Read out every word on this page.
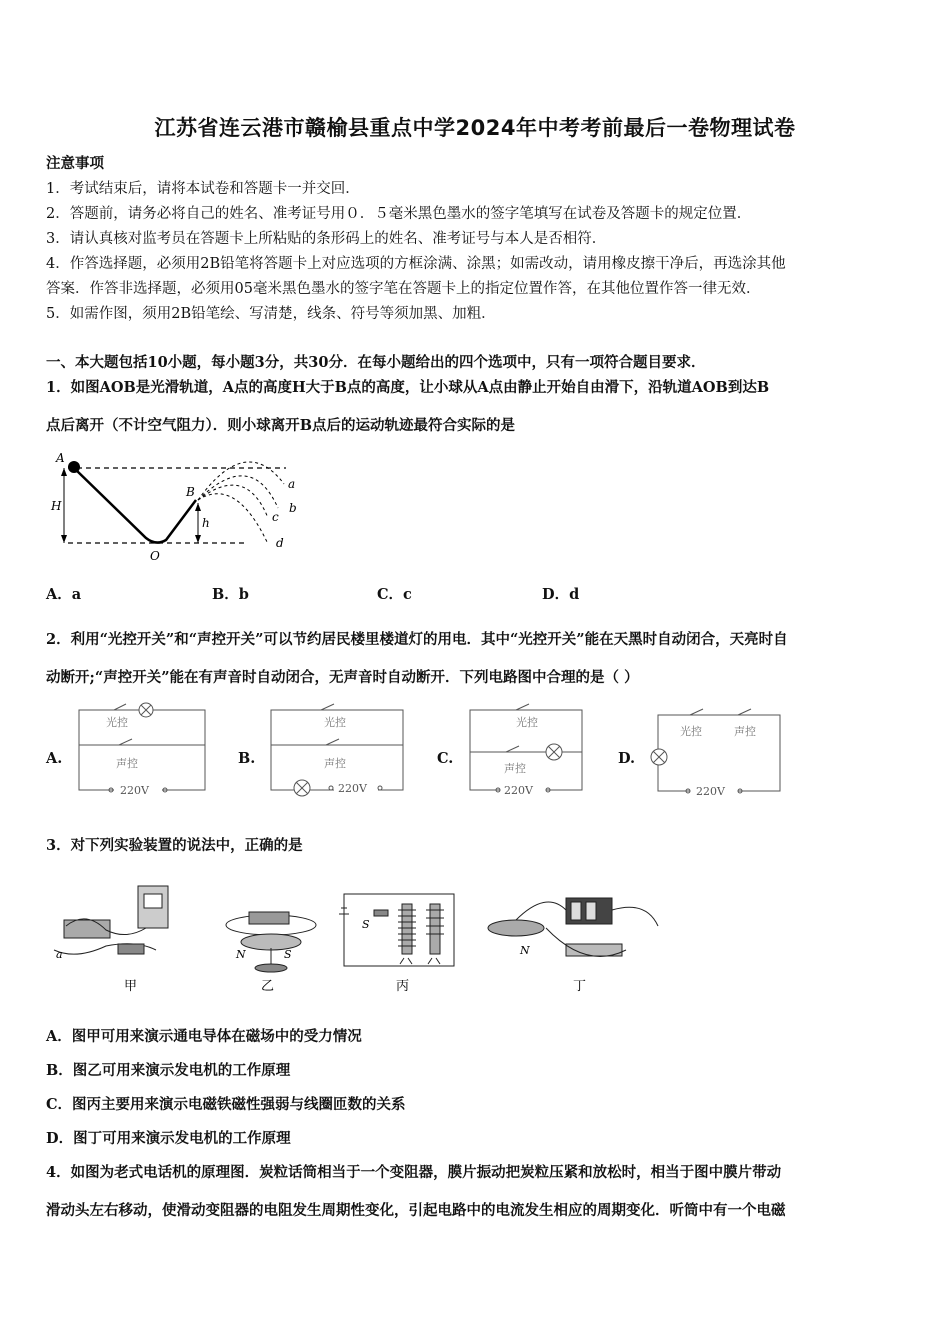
江苏省连云港市赣榆县重点中学2024年中考考前最后一卷物理试卷
注意事项
1．考试结束后，请将本试卷和答题卡一并交回．
2．答题前，请务必将自己的姓名、准考证号用０．５毫米黑色墨水的签字笔填写在试卷及答题卡的规定位置．
3．请认真核对监考员在答题卡上所粘贴的条形码上的姓名、准考证号与本人是否相符．
4．作答选择题，必须用2B铅笔将答题卡上对应选项的方框涂满、涂黑；如需改动，请用橡皮擦干净后，再选涂其他
答案．作答非选择题，必须用05毫米黑色墨水的签字笔在答题卡上的指定位置作答，在其他位置作答一律无效．
5．如需作图，须用2B铅笔绘、写清楚，线条、符号等须加黑、加粗．
一、本大题包括10小题，每小题3分，共30分．在每小题给出的四个选项中，只有一项符合题目要求．
1．如图AOB是光滑轨道，A点的高度H大于B点的高度，让小球从A点由静止开始自由滑下，沿轨道AOB到达B
点后离开（不计空气阻力）．则小球离开B点后的运动轨迹最符合实际的是
A
H
B
h
O
a
b
c
d
A．a	B．b	C．c	D．d
2．利用“光控开关”和“声控开关”可以节约居民楼里楼道灯的用电．其中“光控开关”能在天黑时自动闭合，天亮时自
动断开;“声控开关”能在有声音时自动闭合，无声音时自动断开．下列电路图中合理的是（ ）
A.
光控
声控
220V
B.
光控
声控
220V
C.
光控
声控
220V
D.
光控	声控
220V
3．对下列实验装置的说法中，正确的是
a	N	S
S
N
甲	乙	丙	丁
A．图甲可用来演示通电导体在磁场中的受力情况
B．图乙可用来演示发电机的工作原理
C．图丙主要用来演示电磁铁磁性强弱与线圈匝数的关系
D．图丁可用来演示发电机的工作原理
4．如图为老式电话机的原理图．炭粒话筒相当于一个变阻器，膜片振动把炭粒压紧和放松时，相当于图中膜片带动
滑动头左右移动，使滑动变阻器的电阻发生周期性变化，引起电路中的电流发生相应的周期变化．听筒中有一个电磁
